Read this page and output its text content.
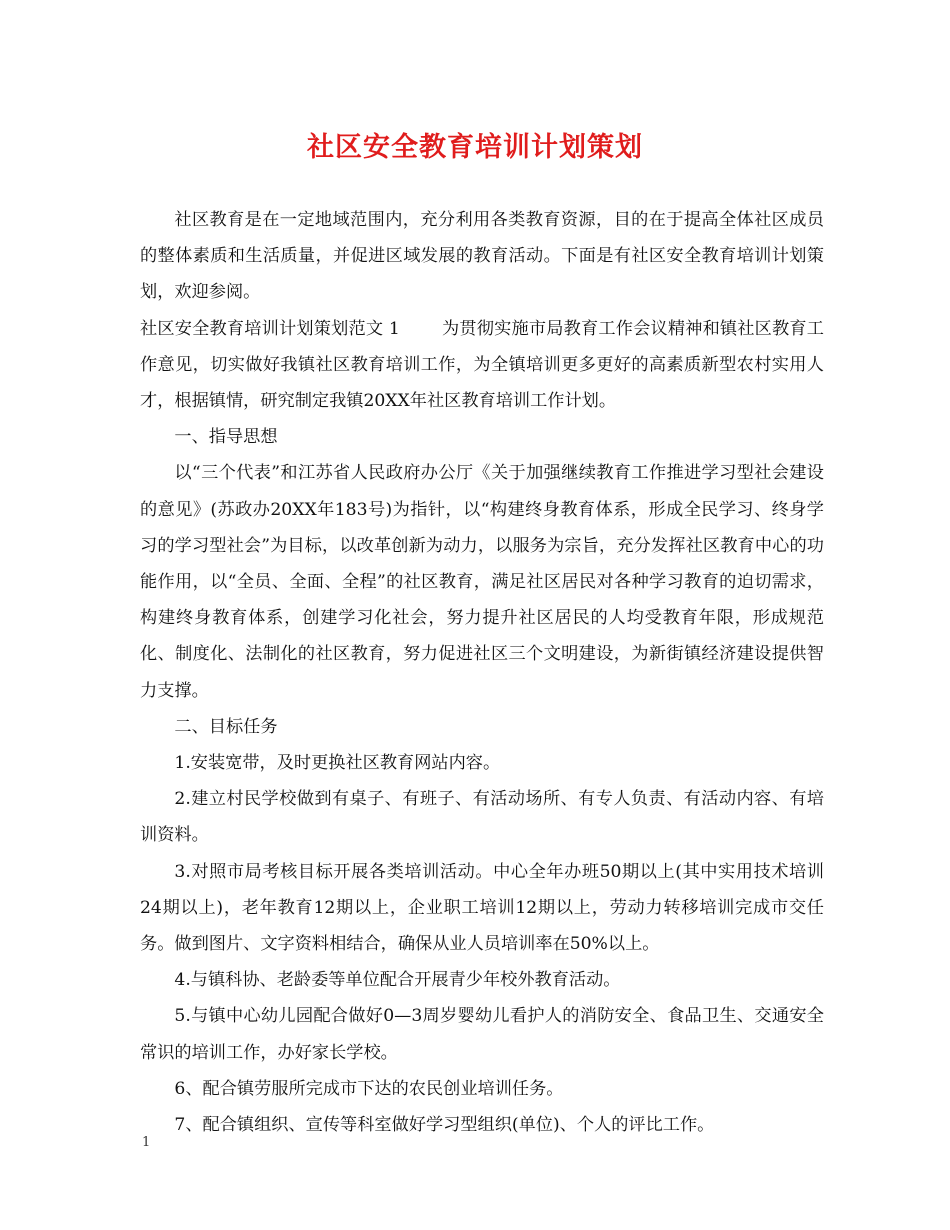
社区安全教育培训计划策划

社区教育是在一定地域范围内，充分利用各类教育资源，目的在于提高全体社区成员的整体素质和生活质量，并促进区域发展的教育活动。下面是有社区安全教育培训计划策划，欢迎参阅。

社区安全教育培训计划策划范文 1 为贯彻实施市局教育工作会议精神和镇社区教育工作意见，切实做好我镇社区教育培训工作，为全镇培训更多更好的高素质新型农村实用人才，根据镇情，研究制定我镇20XX年社区教育培训工作计划。

一、指导思想

以“三个代表”和江苏省人民政府办公厅《关于加强继续教育工作推进学习型社会建设的意见》(苏政办20XX年183号)为指针，以“构建终身教育体系，形成全民学习、终身学习的学习型社会”为目标，以改革创新为动力，以服务为宗旨，充分发挥社区教育中心的功能作用，以“全员、全面、全程”的社区教育，满足社区居民对各种学习教育的迫切需求，构建终身教育体系，创建学习化社会，努力提升社区居民的人均受教育年限，形成规范化、制度化、法制化的社区教育，努力促进社区三个文明建设，为新街镇经济建设提供智力支撑。

二、目标任务

1.安装宽带，及时更换社区教育网站内容。

2.建立村民学校做到有桌子、有班子、有活动场所、有专人负责、有活动内容、有培训资料。

3.对照市局考核目标开展各类培训活动。中心全年办班50期以上(其中实用技术培训24期以上)，老年教育12期以上，企业职工培训12期以上，劳动力转移培训完成市交任务。做到图片、文字资料相结合，确保从业人员培训率在50%以上。

4.与镇科协、老龄委等单位配合开展青少年校外教育活动。

5.与镇中心幼儿园配合做好0—3周岁婴幼儿看护人的消防安全、食品卫生、交通安全常识的培训工作，办好家长学校。

6、配合镇劳服所完成市下达的农民创业培训任务。

7、配合镇组织、宣传等科室做好学习型组织(单位)、个人的评比工作。

1
